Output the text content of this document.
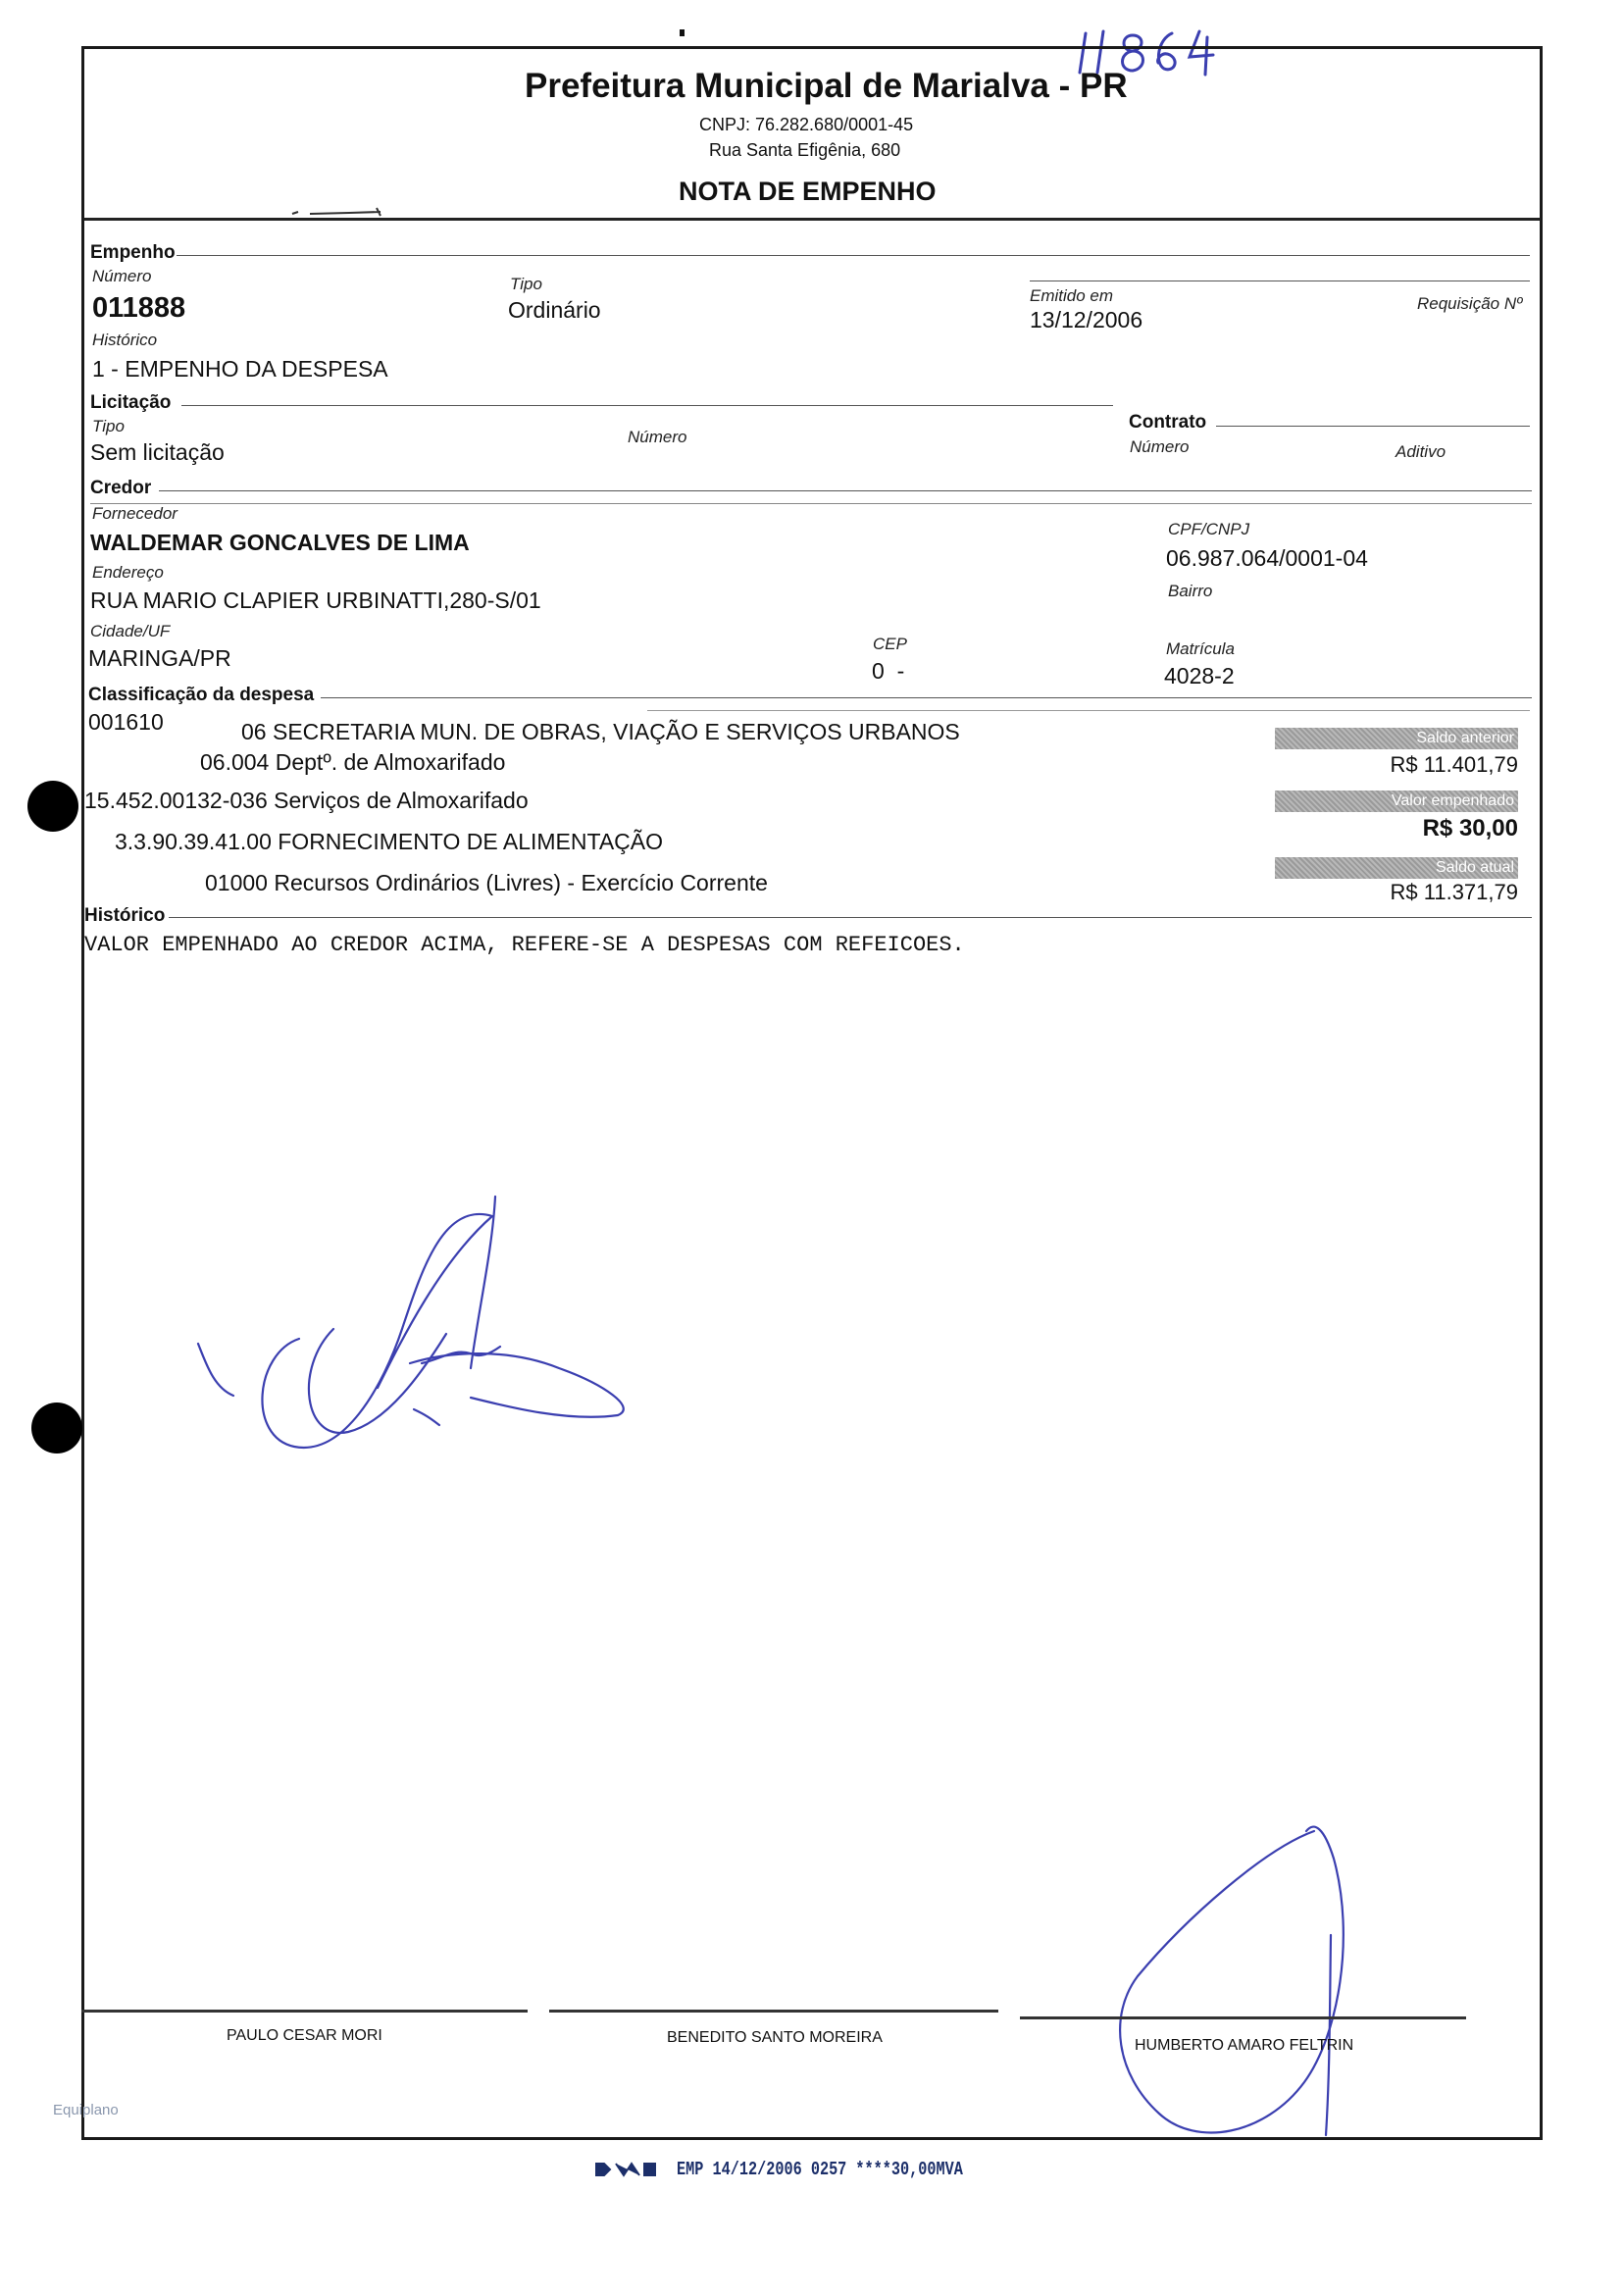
Prefeitura Municipal de Marialva - PR
CNPJ: 76.282.680/0001-45
Rua Santa Efigênia, 680
NOTA DE EMPENHO
Empenho
Número
011888
Tipo
Ordinário
Emitido em
13/12/2006
Requisição Nº
Histórico
1 - EMPENHO DA DESPESA
Licitação
Tipo
Sem licitação
Número
Contrato
Número	Aditivo
Credor
Fornecedor
WALDEMAR GONCALVES DE LIMA
CPF/CNPJ
06.987.064/0001-04
Endereço
RUA MARIO CLAPIER URBINATTI,280-S/01	Bairro
Cidade/UF
MARINGA/PR
CEP
0  -
Matrícula
4028-2
Classificação da despesa
001610	06 SECRETARIA MUN. DE OBRAS, VIAÇÃO E SERVIÇOS URBANOS
06.004 Deptº. de Almoxarifado
15.452.00132-036 Serviços de Almoxarifado
3.3.90.39.41.00 FORNECIMENTO DE ALIMENTAÇÃO
01000 Recursos Ordinários (Livres) - Exercício Corrente
Saldo anterior
R$ 11.401,79
Valor empenhado
R$ 30,00
Saldo atual
R$ 11.371,79
Histórico
VALOR EMPENHADO AO CREDOR ACIMA, REFERE-SE A DESPESAS COM REFEICOES.
PAULO CESAR MORI	BENEDITO SANTO MOREIRA	HUMBERTO AMARO FELTRIN
Equiplano
EMP 14/12/2006 0257 ****30,00MVA
